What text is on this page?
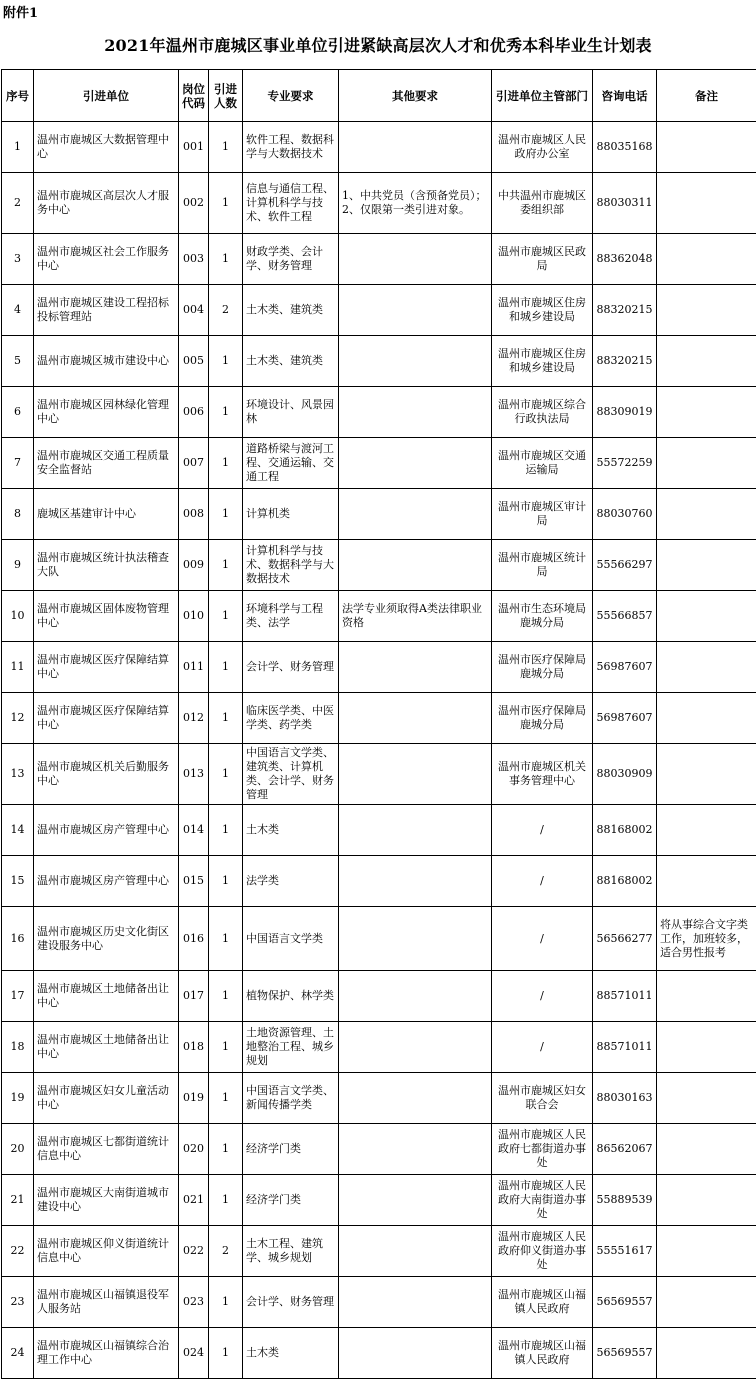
附件1
2021年温州市鹿城区事业单位引进紧缺高层次人才和优秀本科毕业生计划表
序号	引进单位	岗位代码	引进人数	专业要求	其他要求	引进单位主管部门	咨询电话	备注
1	温州市鹿城区大数据管理中心	001	1	软件工程、数据科学与大数据技术		温州市鹿城区人民政府办公室	88035168	
2	温州市鹿城区高层次人才服务中心	002	1	信息与通信工程、计算机科学与技术、软件工程	1、中共党员（含预备党员）；2、仅限第一类引进对象。	中共温州市鹿城区委组织部	88030311	
3	温州市鹿城区社会工作服务中心	003	1	财政学类、会计学、财务管理		温州市鹿城区民政局	88362048	
4	温州市鹿城区建设工程招标投标管理站	004	2	土木类、建筑类		温州市鹿城区住房和城乡建设局	88320215	
5	温州市鹿城区城市建设中心	005	1	土木类、建筑类		温州市鹿城区住房和城乡建设局	88320215	
6	温州市鹿城区园林绿化管理中心	006	1	环境设计、风景园林		温州市鹿城区综合行政执法局	88309019	
7	温州市鹿城区交通工程质量安全监督站	007	1	道路桥梁与渡河工程、交通运输、交通工程		温州市鹿城区交通运输局	55572259	
8	鹿城区基建审计中心	008	1	计算机类		温州市鹿城区审计局	88030760	
9	温州市鹿城区统计执法稽查大队	009	1	计算机科学与技术、数据科学与大数据技术		温州市鹿城区统计局	55566297	
10	温州市鹿城区固体废物管理中心	010	1	环境科学与工程类、法学	法学专业须取得A类法律职业资格	温州市生态环境局鹿城分局	55566857	
11	温州市鹿城区医疗保障结算中心	011	1	会计学、财务管理		温州市医疗保障局鹿城分局	56987607	
12	温州市鹿城区医疗保障结算中心	012	1	临床医学类、中医学类、药学类		温州市医疗保障局鹿城分局	56987607	
13	温州市鹿城区机关后勤服务中心	013	1	中国语言文学类、建筑类、计算机类、会计学、财务管理		温州市鹿城区机关事务管理中心	88030909	
14	温州市鹿城区房产管理中心	014	1	土木类		/	88168002	
15	温州市鹿城区房产管理中心	015	1	法学类		/	88168002	
16	温州市鹿城区历史文化街区建设服务中心	016	1	中国语言文学类		/	56566277	将从事综合文字类工作，加班较多，适合男性报考
17	温州市鹿城区土地储备出让中心	017	1	植物保护、林学类		/	88571011	
18	温州市鹿城区土地储备出让中心	018	1	土地资源管理、土地整治工程、城乡规划		/	88571011	
19	温州市鹿城区妇女儿童活动中心	019	1	中国语言文学类、新闻传播学类		温州市鹿城区妇女联合会	88030163	
20	温州市鹿城区七都街道统计信息中心	020	1	经济学门类		温州市鹿城区人民政府七都街道办事处	86562067	
21	温州市鹿城区大南街道城市建设中心	021	1	经济学门类		温州市鹿城区人民政府大南街道办事处	55889539	
22	温州市鹿城区仰义街道统计信息中心	022	2	土木工程、建筑学、城乡规划		温州市鹿城区人民政府仰义街道办事处	55551617	
23	温州市鹿城区山福镇退役军人服务站	023	1	会计学、财务管理		温州市鹿城区山福镇人民政府	56569557	
24	温州市鹿城区山福镇综合治理工作中心	024	1	土木类		温州市鹿城区山福镇人民政府	56569557	
